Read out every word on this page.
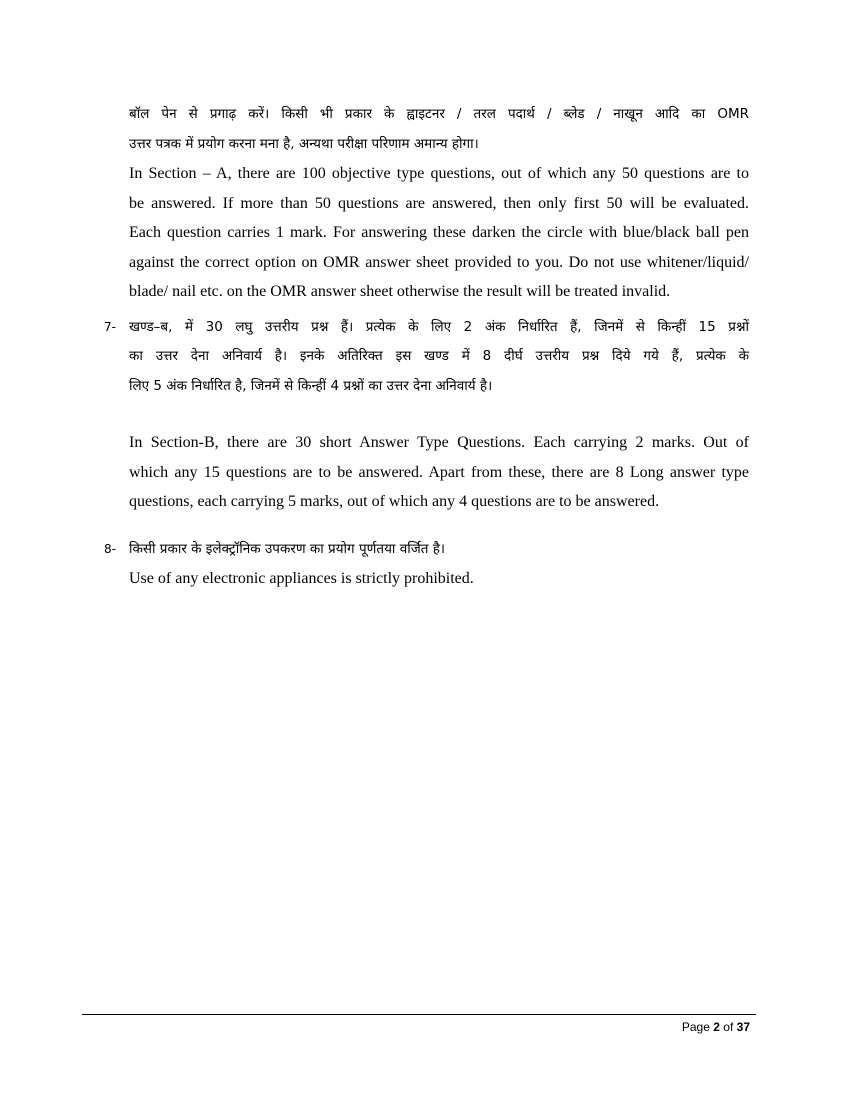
बॉल पेन से प्रगाढ़ करें। किसी भी प्रकार के ह्वाइटनर / तरल पदार्थ / ब्लेड / नाखून आदि का OMR
उत्तर पत्रक में प्रयोग करना मना है, अन्यथा परीक्षा परिणाम अमान्य होगा।
In Section – A, there are 100 objective type questions, out of which any 50 questions are to
be answered. If more than 50 questions are answered, then only first 50 will be evaluated.
Each question carries 1 mark. For answering these darken the circle with blue/black ball pen
against the correct option on OMR answer sheet provided to you. Do not use whitener/liquid/
blade/ nail etc. on the OMR answer sheet otherwise the result will be treated invalid.
7- खण्ड–ब, में 30 लघु उत्तरीय प्रश्न हैं। प्रत्येक के लिए 2 अंक निर्धारित हैं, जिनमें से किन्हीं 15 प्रश्नों
का उत्तर देना अनिवार्य है। इनके अतिरिक्त इस खण्ड में 8 दीर्घ उत्तरीय प्रश्न दिये गये हैं, प्रत्येक के
लिए 5 अंक निर्धारित है, जिनमें से किन्हीं 4 प्रश्नों का उत्तर देना अनिवार्य है।
In Section-B, there are 30 short Answer Type Questions. Each carrying 2 marks. Out of
which any 15 questions are to be answered. Apart from these, there are 8 Long answer type
questions, each carrying 5 marks, out of which any 4 questions are to be answered.
8- किसी प्रकार के इलेक्ट्रॉनिक उपकरण का प्रयोग पूर्णतया वर्जित है।
Use of any electronic appliances is strictly prohibited.
Page 2 of 37
